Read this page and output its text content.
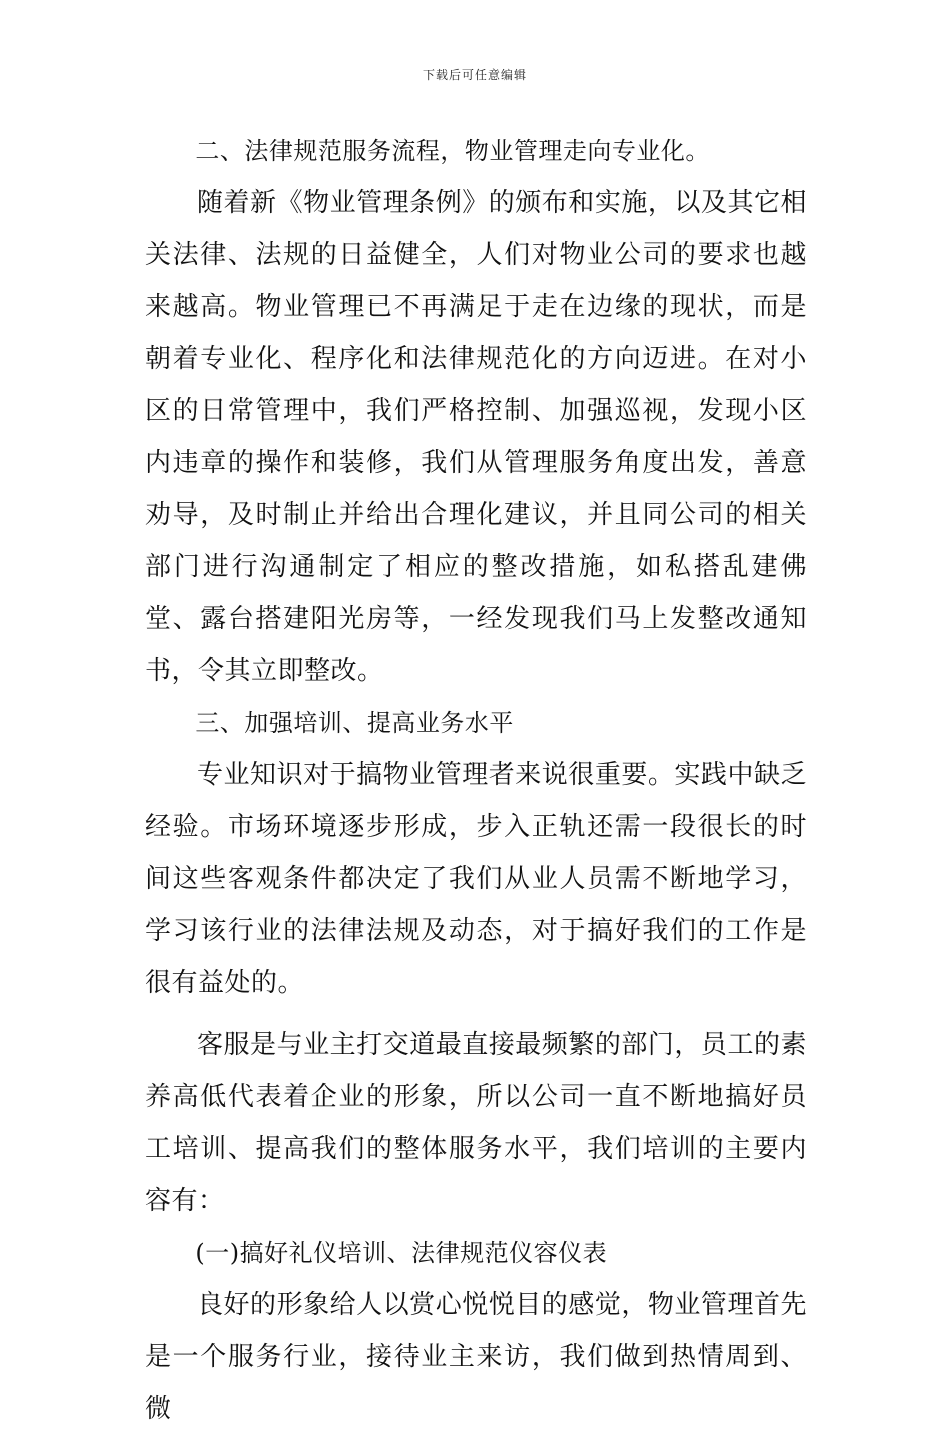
下载后可任意编辑

二、法律规范服务流程，物业管理走向专业化。

随着新《物业管理条例》的颁布和实施，以及其它相关法律、法规的日益健全，人们对物业公司的要求也越来越高。物业管理已不再满足于走在边缘的现状，而是朝着专业化、程序化和法律规范化的方向迈进。在对小区的日常管理中，我们严格控制、加强巡视，发现小区内违章的操作和装修，我们从管理服务角度出发，善意劝导，及时制止并给出合理化建议，并且同公司的相关部门进行沟通制定了相应的整改措施，如私搭乱建佛堂、露台搭建阳光房等，一经发现我们马上发整改通知书，令其立即整改。

三、加强培训、提高业务水平

专业知识对于搞物业管理者来说很重要。实践中缺乏经验。市场环境逐步形成，步入正轨还需一段很长的时间这些客观条件都决定了我们从业人员需不断地学习，学习该行业的法律法规及动态，对于搞好我们的工作是很有益处的。

客服是与业主打交道最直接最频繁的部门，员工的素养高低代表着企业的形象，所以公司一直不断地搞好员工培训、提高我们的整体服务水平，我们培训的主要内容有：

(一)搞好礼仪培训、法律规范仪容仪表

良好的形象给人以赏心悦悦目的感觉，物业管理首先是一个服务行业，接待业主来访，我们做到热情周到、微
